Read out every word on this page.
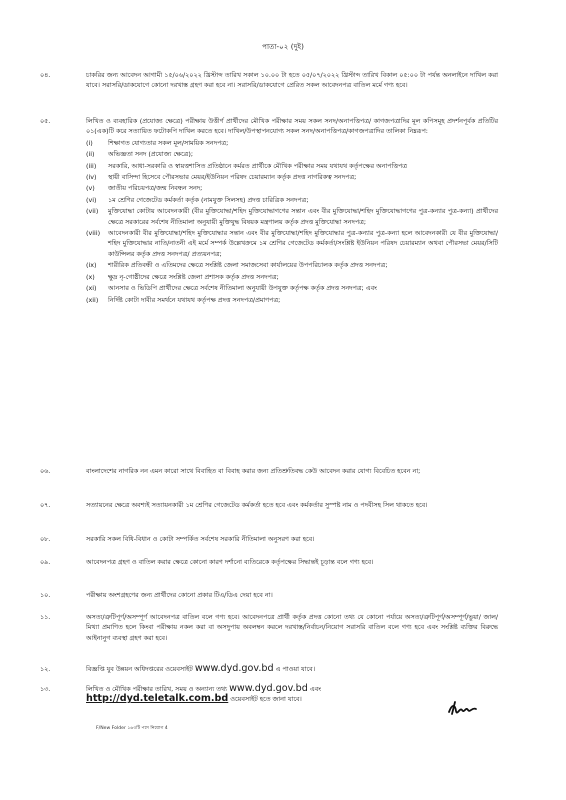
পাতা-০২ (দুই)
০৪.	চাকরির জন্য আবেদন আগামী ১৫/০৬/২০২২ খ্রিস্টাব্দ তারিখ সকাল ১০.০০ টা হতে ০৫/০৭/২০২২ খ্রিস্টাব্দ তারিখ বিকাল ০৫:০০ টা পর্যন্ত অনলাইনে দাখিল করা যাবে। সরাসরি/ডাকযোগে কোনো দরখাস্ত গ্রহণ করা হবে না। সরাসরি/ডাকযোগে প্রেরিত সকল আবেদনপত্র বাতিল মর্মে গণ্য হবে।
০৫.	লিখিত ও ব্যবহারিক (প্রযোজ্য ক্ষেত্রে) পরীক্ষায় উত্তীর্ণ প্রার্থীদের মৌখিক পরীক্ষার সময় সকল সনদ/অনাপত্তিপত্র/ কাগজপত্রাদির মূল কপিসমূহ প্রদর্শনপূর্বক প্রতিটির ০১(এক)টি করে সত্যায়িত ফটোকপি দাখিল করতে হবে। দাখিল/উপস্থাপনযোগ্য সকল সনদ/অনাপত্তিপত্র/কাগজপত্রাদির তালিকা নিম্নরূপ:
(i) শিক্ষাগত যোগ্যতার সকল মূল/সাময়িক সনদপত্র;
(ii) অভিজ্ঞতা সনদ (প্রযোজ্য ক্ষেত্রে);
(iii) সরকারি, আধা-সরকারি ও স্বায়ত্তশাসিত প্রতিষ্ঠানে কর্মরত প্রার্থীকে মৌখিক পরীক্ষার সময় যথাযথ কর্তৃপক্ষের অনাপত্তিপত্র
(iv) স্থায়ী বাসিন্দা হিসেবে পৌরসভার মেয়র/ইউনিয়ন পরিষদ চেয়ারম্যান কর্তৃক প্রদত্ত নাগরিকত্ব সনদপত্র;
(v) জাতীয় পরিচয়পত্র/জন্ম নিবন্ধন সনদ;
(vi) ১ম শ্রেণির গেজেটেড কর্মকর্তা কর্তৃক (নামযুক্ত সিলসহ) প্রদত্ত চারিত্রিক সনদপত্র;
(vii) মুক্তিযোদ্ধা কোটায় আবেদনকারী (বীর মুক্তিযোদ্ধা/শহিদ মুক্তিযোদ্ধাগণের সন্তান এবং বীর মুক্তিযোদ্ধা/শহিদ মুক্তিযোদ্ধাগণের পুত্র-কন্যার পুত্র-কন্যা) প্রার্থীদের ক্ষেত্রে সরকারের সর্বশেষ নীতিমালা অনুযায়ী মুক্তিযুদ্ধ বিষয়ক মন্ত্রণালয় কর্তৃক প্রদত্ত মুক্তিযোদ্ধা সনদপত্র;
(viii) আবেদনকারী বীর মুক্তিযোদ্ধা/শহিদ মুক্তিযোদ্ধার সন্তান এবং বীর মুক্তিযোদ্ধা/শহিদ মুক্তিযোদ্ধার পুত্র-কন্যার পুত্র-কন্যা হলে আবেদনকারী যে বীর মুক্তিযোদ্ধা/শহিদ মুক্তিযোদ্ধার নাতি/নাতনী এই মর্মে সম্পর্ক উল্লেখক্রমে ১ম শ্রেণির গেজেটেড কর্মকর্তা/সংশ্লিষ্ট ইউনিয়ন পরিষদ চেয়ারম্যান অথবা পৌরসভা মেয়র/সিটি কাউন্সিলর কর্তৃক প্রদত্ত সনদপত্র/ প্রত্যয়নপত্র;
(ix) শারীরিক প্রতিবন্ধী ও এতিমদের ক্ষেত্রে সংশ্লিষ্ট জেলা সমাজসেবা কার্যালয়ের উপপরিচালক কর্তৃক প্রদত্ত সনদপত্র;
(x) ক্ষুদ্র নৃ-গোষ্ঠীদের ক্ষেত্রে সংশ্লিষ্ট জেলা প্রশাসক কর্তৃক প্রদত্ত সনদপত্র;
(xi) আনসার ও ভিডিপি প্রার্থীদের ক্ষেত্রে সর্বশেষ নীতিমালা অনুযায়ী উপযুক্ত কর্তৃপক্ষ কর্তৃক প্রদত্ত সনদপত্র; এবং
(xii) নির্দিষ্ট কোটা দাবীর সমর্থনে যথাযথ কর্তৃপক্ষ প্রদত্ত সনদপত্র/প্রমাণপত্র;
০৬.	বাংলাদেশের নাগরিক নন এমন কারো সাথে বিবাহিত বা বিবাহ করার জন্য প্রতিশ্রুতিবদ্ধ কেউ আবেদন করার যোগ্য বিবেচিত হবেন না;
০৭.	সত্যায়নের ক্ষেত্রে অবশ্যই সত্যায়নকারী ১ম শ্রেণির গেজেটেড কর্মকর্তা হতে হবে এবং কর্মকর্তার সুস্পষ্ট নাম ও পদবীসহ সিল থাকতে হবে।
০৮.	সরকারি সকল বিধি-বিধান ও কোটা সম্পর্কিত সর্বশেষ সরকারি নীতিমালা অনুসরণ করা হবে।
০৯.	আবেদনপত্র গ্রহণ ও বাতিল করার ক্ষেত্রে কোনো কারণ দর্শানো ব্যতিরেকে কর্তৃপক্ষের সিদ্ধান্তই চূড়ান্ত বলে গণ্য হবে।
১০.	পরীক্ষায় অংশগ্রহণের জন্য প্রার্থীদের কোনো প্রকার টিএ/ডিএ দেয়া হবে না।
১১.	অসত্য/ত্রুটিপূর্ণ/অসম্পূর্ণ আবেদনপত্র বাতিল বলে গণ্য হবে। আবেদনপত্রে প্রার্থী কর্তৃক প্রদত্ত কোনো তথ্য যে কোনো পর্যায়ে অসত্য/ত্রুটিপূর্ণ/অসম্পূর্ণ/ভুয়া/ জাল/মিথ্যা প্রমাণিত হলে কিংবা পরীক্ষায় নকল করা বা অসদুপায় অবলম্বন করলে দরখাস্ত/নির্বাচন/নিয়োগ সরাসরি বাতিল বলে গণ্য হবে এবং সংশ্লিষ্ট ব্যক্তির বিরুদ্ধে আইনানুগ ব্যবস্থা গ্রহণ করা হবে।
১২.	বিজ্ঞপ্তি যুব উন্নয়ন অধিদপ্তরের ওয়েবসাইট www.dyd.gov.bd এ পাওয়া যাবে।
১৩.	লিখিত ও মৌখিক পরীক্ষার তারিখ, সময় ও অন্যান্য তথ্য www.dyd.gov.bd এবং
http://dyd.teletalk.com.bd ওয়েবসাইট হতে জানা যাবে।
F/New Folder ১৬৩টি পদে নিয়োগ 4
